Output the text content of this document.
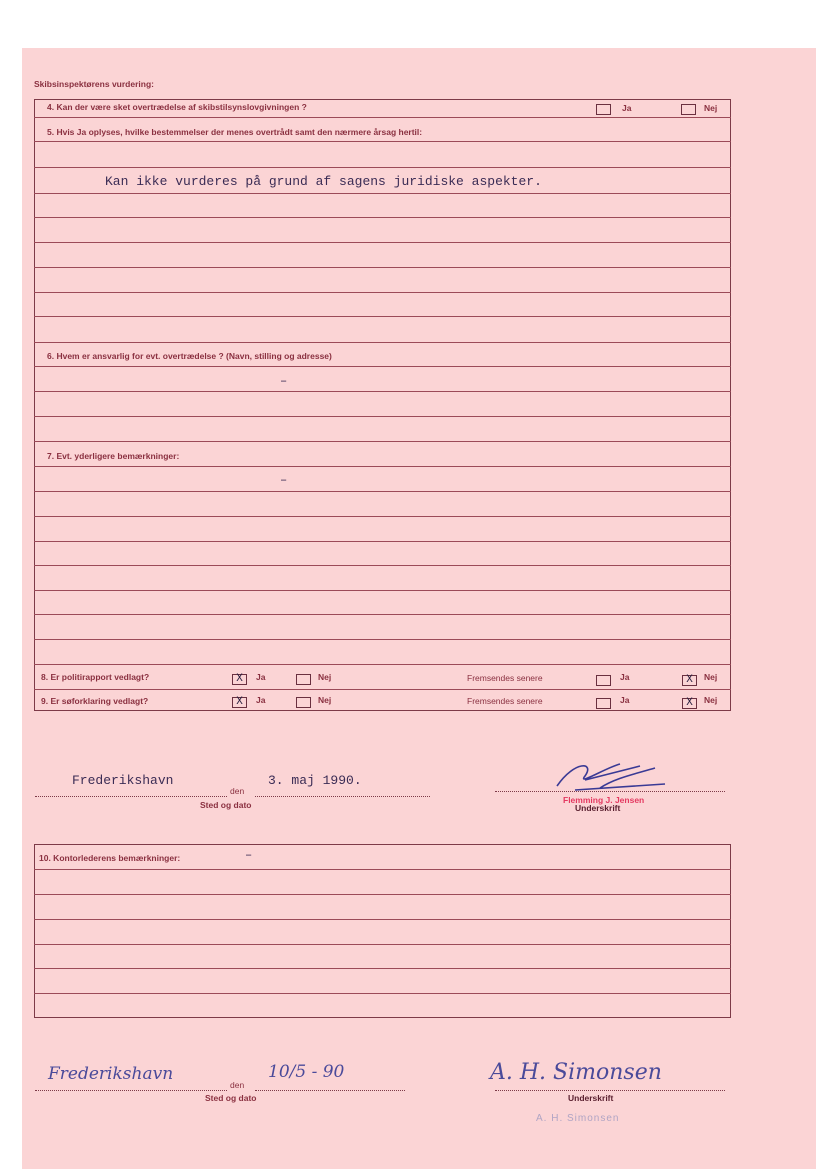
Skibsinspektørens vurdering:
4. Kan der være sket overtrædelse af skibstilsynslovgivningen ?	Ja	Nej
5. Hvis Ja oplyses, hvilke bestemmelser der menes overtrådt samt den nærmere årsag hertil:
Kan ikke vurderes på grund af sagens juridiske aspekter.
6. Hvem er ansvarlig for evt. overtrædelse ? (Navn, stilling og adresse)
–
7. Evt. yderligere bemærkninger:
–
8. Er politirapport vedlagt?	X	Ja	Nej	Fremsendes senere	Ja	X	Nej
9. Er søforklaring vedlagt?	X	Ja	Nej	Fremsendes senere	Ja	X	Nej
Frederikshavn
den
3. maj 1990.
Sted og dato	Flemming J. Jensen
Underskrift
10. Kontorlederens bemærkninger:	–
Frederikshavn
den
10/5 - 90
Sted og dato
A. H. Simonsen
Underskrift
A. H. Simonsen
